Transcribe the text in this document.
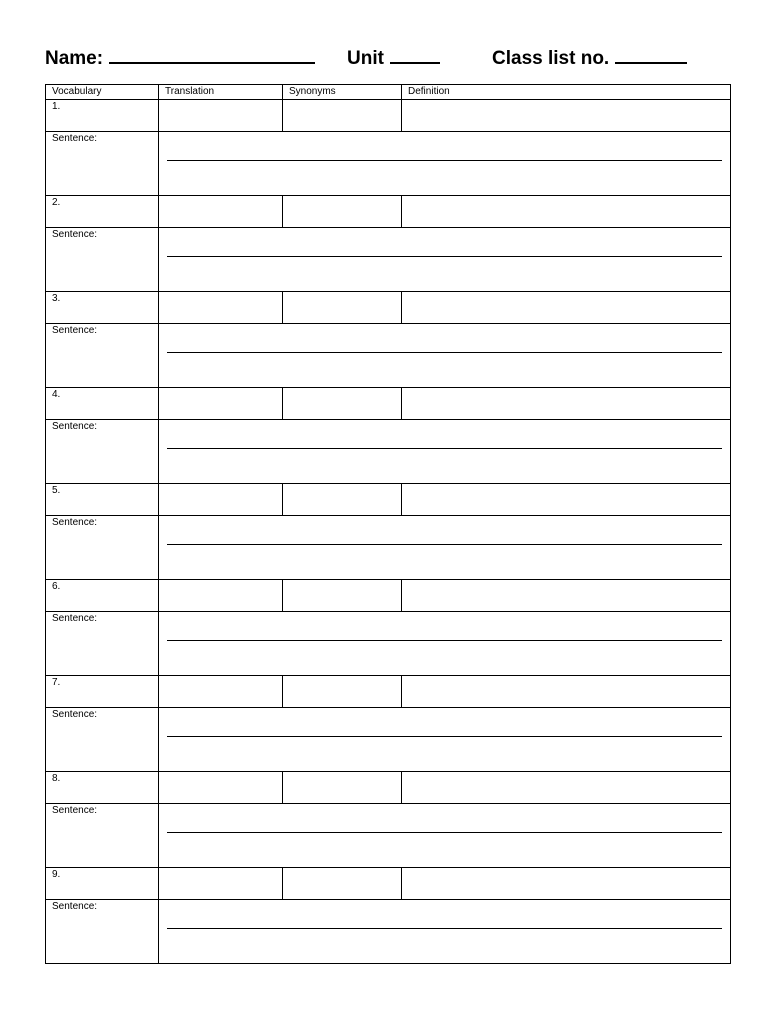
Name:	Unit	Class list no.
Vocabulary	Translation	Synonyms	Definition
1.			
Sentence:			

2.			
Sentence:			

3.			
Sentence:			

4.			
Sentence:			

5.			
Sentence:			

6.			
Sentence:			

7.			
Sentence:			

8.			
Sentence:			

9.			
Sentence:			
